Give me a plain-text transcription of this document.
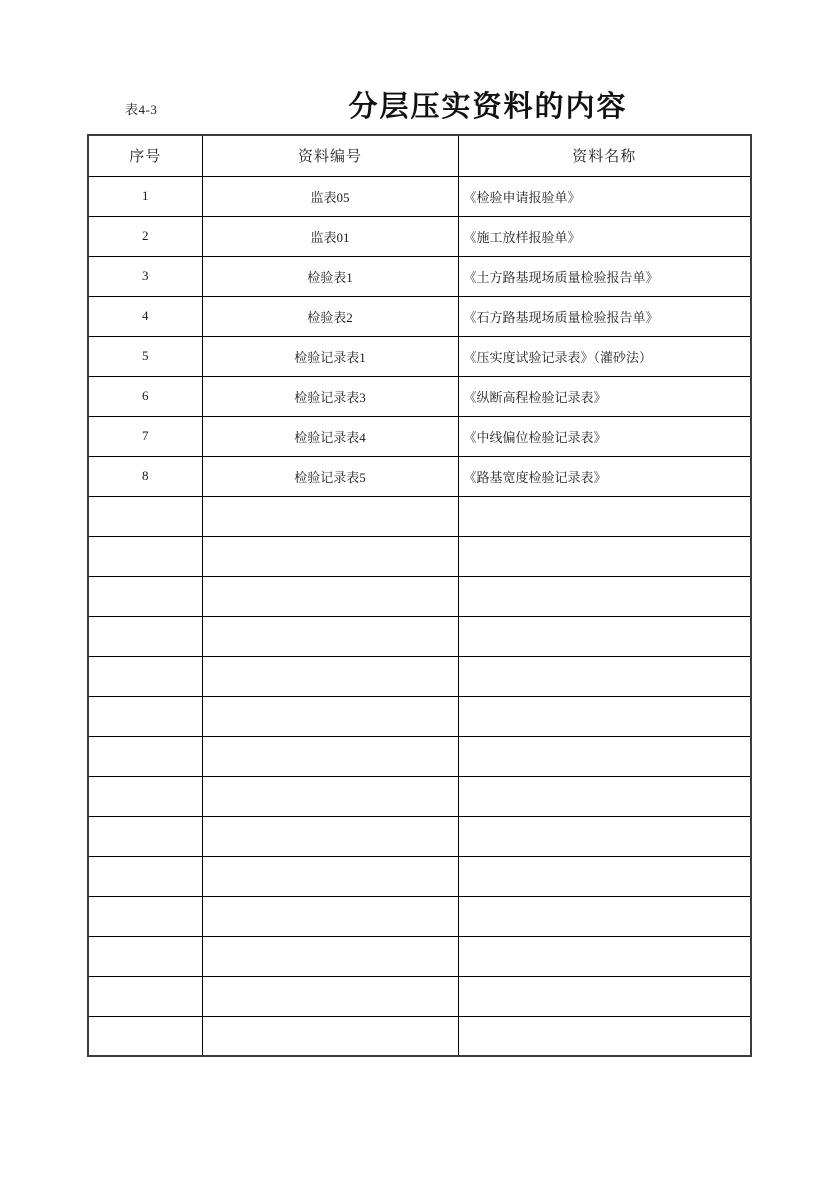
表4-3	分层压实资料的内容
序号	资料编号	资料名称
1	监表05	《检验申请报验单》
2	监表01	《施工放样报验单》
3	检验表1	《土方路基现场质量检验报告单》
4	检验表2	《石方路基现场质量检验报告单》
5	检验记录表1	《压实度试验记录表》（灌砂法）
6	检验记录表3	《纵断高程检验记录表》
7	检验记录表4	《中线偏位检验记录表》
8	检验记录表5	《路基宽度检验记录表》
